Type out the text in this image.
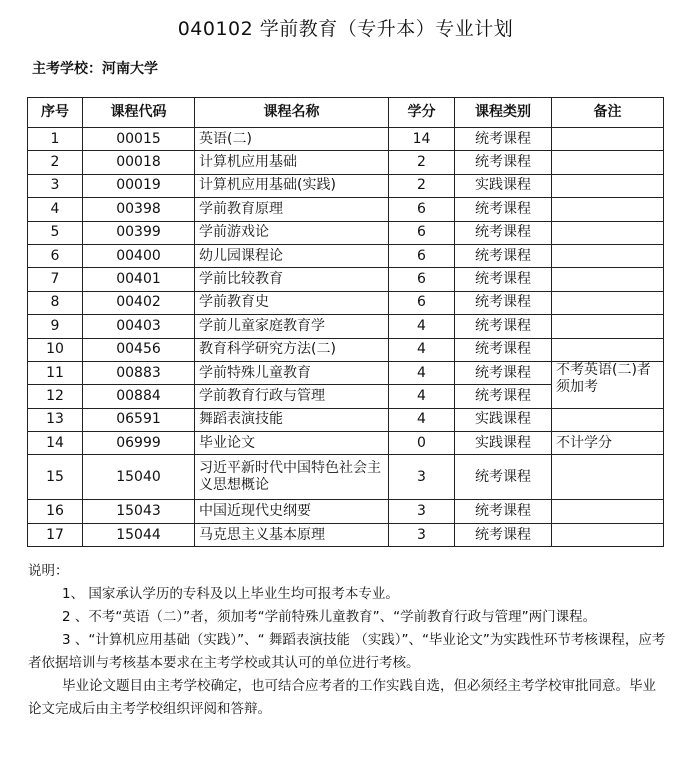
040102 学前教育（专升本）专业计划
主考学校：河南大学
序号	课程代码	课程名称	学分	课程类别	备注
1	00015	英语(二)	14	统考课程	
2	00018	计算机应用基础	2	统考课程	
3	00019	计算机应用基础(实践)	2	实践课程	
4	00398	学前教育原理	6	统考课程	
5	00399	学前游戏论	6	统考课程	
6	00400	幼儿园课程论	6	统考课程	
7	00401	学前比较教育	6	统考课程	
8	00402	学前教育史	6	统考课程	
9	00403	学前儿童家庭教育学	4	统考课程	
10	00456	教育科学研究方法(二)	4	统考课程	
11	00883	学前特殊儿童教育	4	统考课程	不考英语(二)者须加考
12	00884	学前教育行政与管理	4	统考课程	
13	06591	舞蹈表演技能	4	实践课程	
14	06999	毕业论文	0	实践课程	不计学分
15	15040	习近平新时代中国特色社会主义思想概论	3	统考课程	
16	15043	中国近现代史纲要	3	统考课程	
17	15044	马克思主义基本原理	3	统考课程	

说明：

1、 国家承认学历的专科及以上毕业生均可报考本专业。

2 、不考“英语（二）”者，须加考“学前特殊儿童教育”、“学前教育行政与管理”两门课程。

3 、“计算机应用基础（实践）”、“ 舞蹈表演技能 （实践）”、“毕业论文”为实践性环节考核课程，应考者依据培训与考核基本要求在主考学校或其认可的单位进行考核。

毕业论文题目由主考学校确定，也可结合应考者的工作实践自选，但必须经主考学校审批同意。毕业论文完成后由主考学校组织评阅和答辩。
